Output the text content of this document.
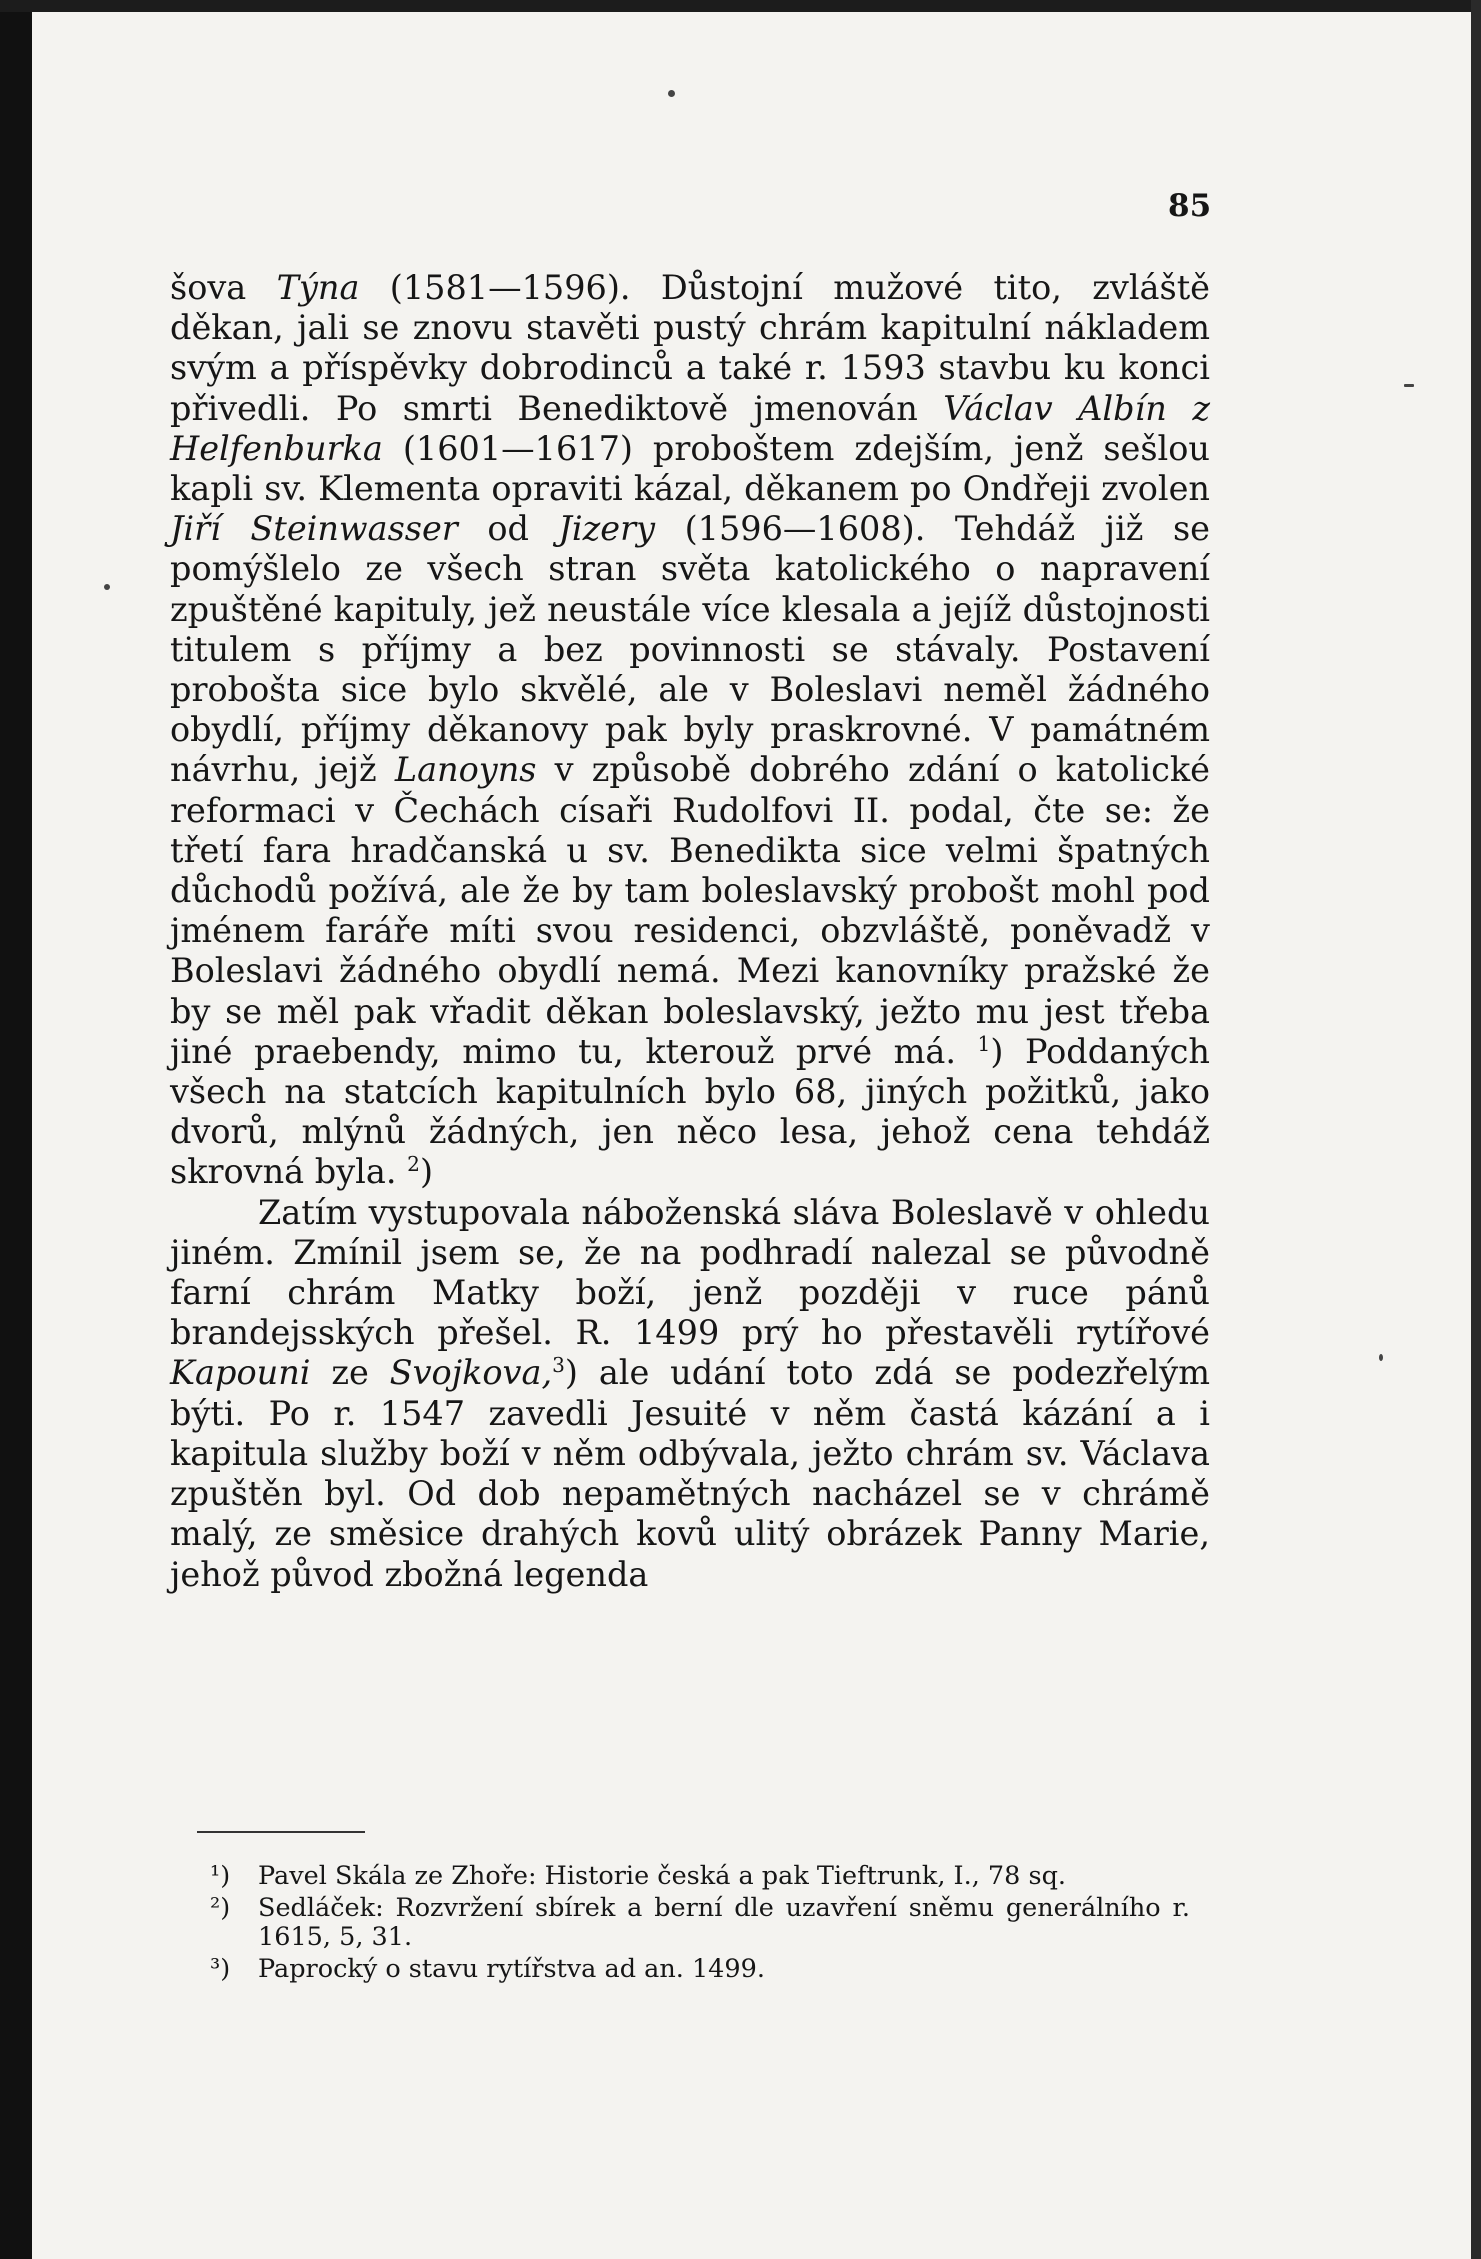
85

šova Týna (1581—1596). Důstojní mužové tito, zvláště děkan, jali se znovu stavěti pustý chrám kapitulní nákladem svým a příspěvky dobrodinců a také r. 1593 stavbu ku konci přivedli. Po smrti Benediktově jmenován Václav Albín z Helfenburka (1601—1617) proboštem zdejším, jenž sešlou kapli sv. Klementa opraviti kázal, děkanem po Ondřeji zvolen Jiří Steinwasser od Jizery (1596—1608). Tehdáž již se pomýšlelo ze všech stran světa katolického o napravení zpuštěné kapituly, jež neustále více klesala a jejíž důstojnosti titulem s příjmy a bez povinnosti se stávaly. Postavení probošta sice bylo skvělé, ale v Boleslavi neměl žádného obydlí, příjmy děkanovy pak byly praskrovné. V památném návrhu, jejž Lanoyns v způsobě dobrého zdání o katolické reformaci v Čechách císaři Rudolfovi II. podal, čte se: že třetí fara hradčanská u sv. Benedikta sice velmi špatných důchodů požívá, ale že by tam boleslavský probošt mohl pod jménem faráře míti svou residenci, obzvláště, poněvadž v Boleslavi žádného obydlí nemá. Mezi kanovníky pražské že by se měl pak vřadit děkan boleslavský, ježto mu jest třeba jiné praebendy, mimo tu, kterouž prvé má. $^1$) Poddaných všech na statcích kapitulních bylo 68, jiných požitků, jako dvorů, mlýnů žádných, jen něco lesa, jehož cena tehdáž skrovná byla. $^2$)

Zatím vystupovala náboženská sláva Boleslavě v ohledu jiném. Zmínil jsem se, že na podhradí nalezal se původně farní chrám Matky boží, jenž později v ruce pánů brandejsských přešel. R. 1499 prý ho přestavěli rytířové Kapouni ze Svojkova,$^3$) ale udání toto zdá se podezřelým býti. Po r. 1547 zavedli Jesuité v něm častá kázání a i kapitula služby boží v něm odbývala, ježto chrám sv. Václava zpuštěn byl. Od dob nepamětných nacházel se v chrámě malý, ze směsice drahých kovů ulitý obrázek Panny Marie, jehož původ zbožná legenda

¹)	Pavel Skála ze Zhoře: Historie česká a pak Tieftrunk, I., 78 sq.
²)	Sedláček: Rozvržení sbírek a berní dle uzavření sněmu generálního r. 1615, 5, 31.
³)	Paprocký o stavu rytířstva ad an. 1499.
